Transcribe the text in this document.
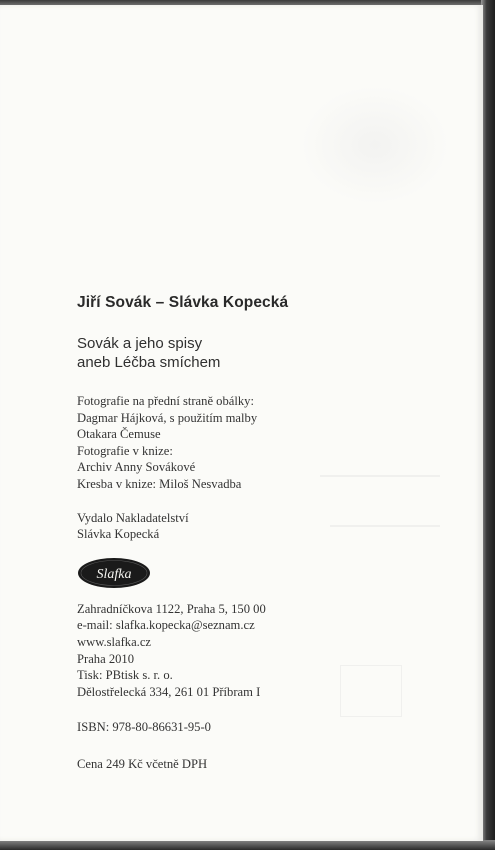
Jiří Sovák – Slávka Kopecká
Sovák a jeho spisy
aneb Léčba smíchem
Fotografie na přední straně obálky:
Dagmar Hájková, s použitím malby
Otakara Čemuse
Fotografie v knize:
Archiv Anny Sovákové
Kresba v knize: Miloš Nesvadba
Vydalo Nakladatelství
Slávka Kopecká
Slafka
Zahradníčkova 1122, Praha 5, 150 00
e-mail: slafka.kopecka@seznam.cz
www.slafka.cz
Praha 2010
Tisk: PBtisk s. r. o.
Dělostřelecká 334, 261 01 Příbram I
ISBN: 978-80-86631-95-0
Cena 249 Kč včetně DPH
